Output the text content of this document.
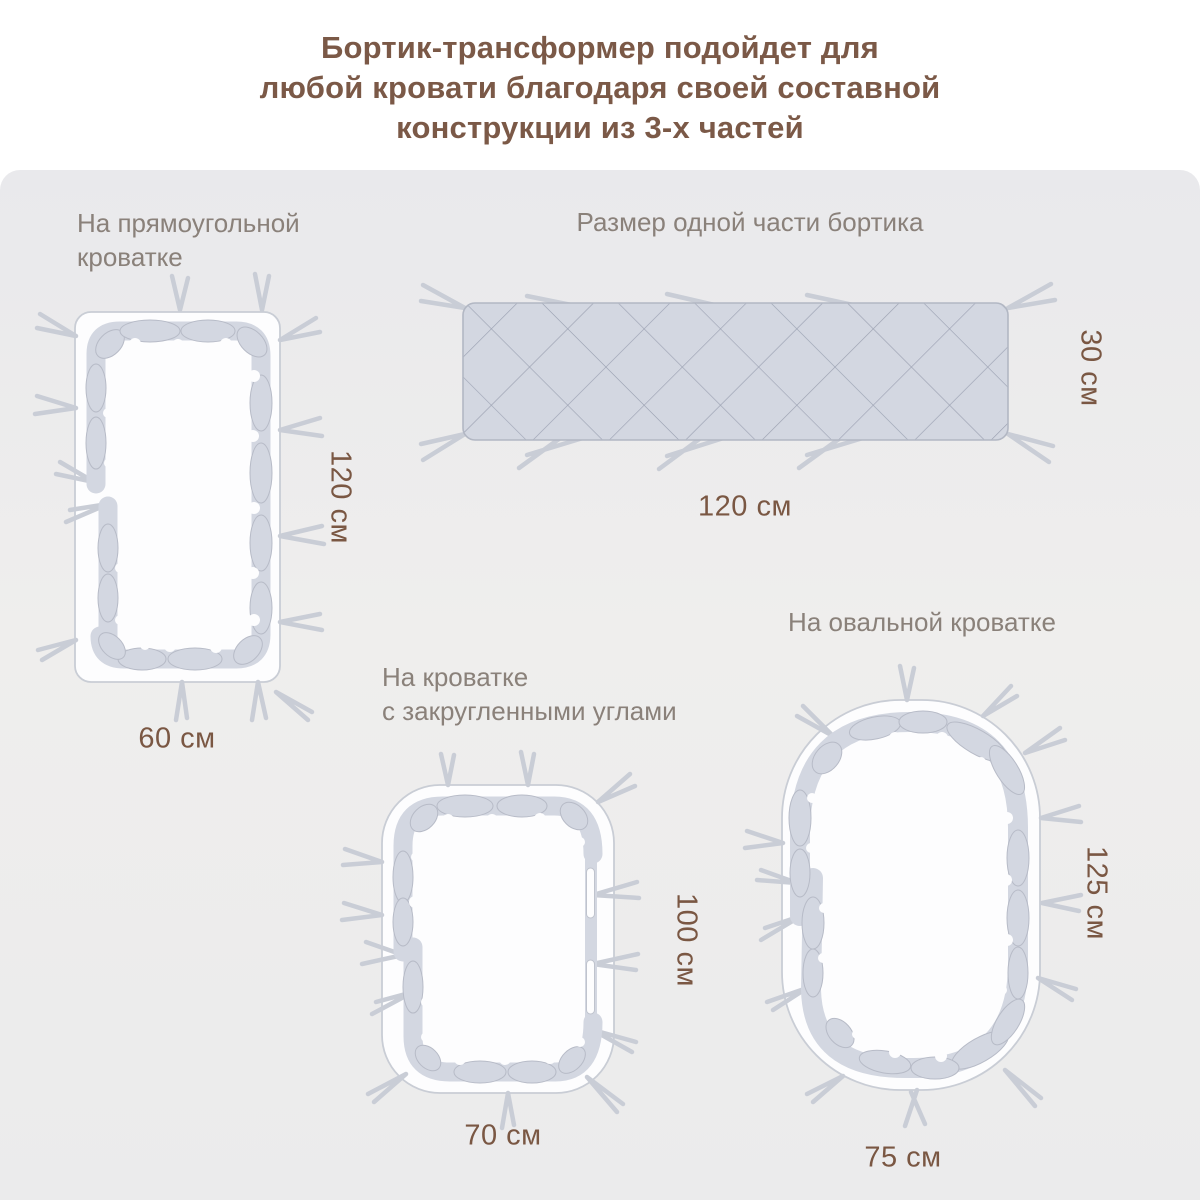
Бортик-трансформер подойдет для
любой кровати благодаря своей составной
конструкции из 3-х частей
На прямоугольной
кроватке
Размер одной части бортика
На кроватке
с закругленными углами
На овальной кроватке
120 см
60 см
30 см
120 см
100 см
70 см
125 см
75 см
